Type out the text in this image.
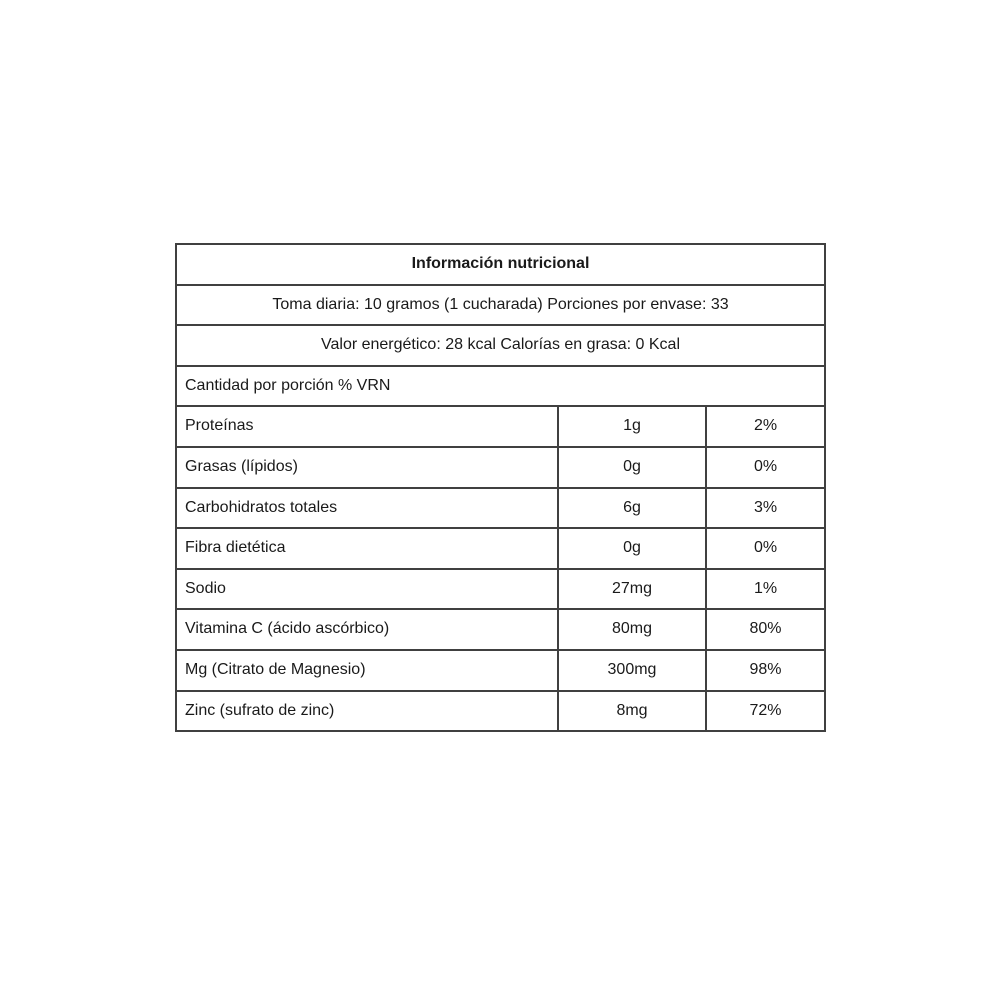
Información nutricional		
Toma diaria: 10 gramos (1 cucharada) Porciones por envase: 33		
Valor energético: 28 kcal Calorías en grasa: 0 Kcal		
Cantidad por porción % VRN		
Proteínas	1g	2%
Grasas (lípidos)	0g	0%
Carbohidratos totales	6g	3%
Fibra dietética	0g	0%
Sodio	27mg	1%
Vitamina C (ácido ascórbico)	80mg	80%
Mg (Citrato de Magnesio)	300mg	98%
Zinc (sufrato de zinc)	8mg	72%
